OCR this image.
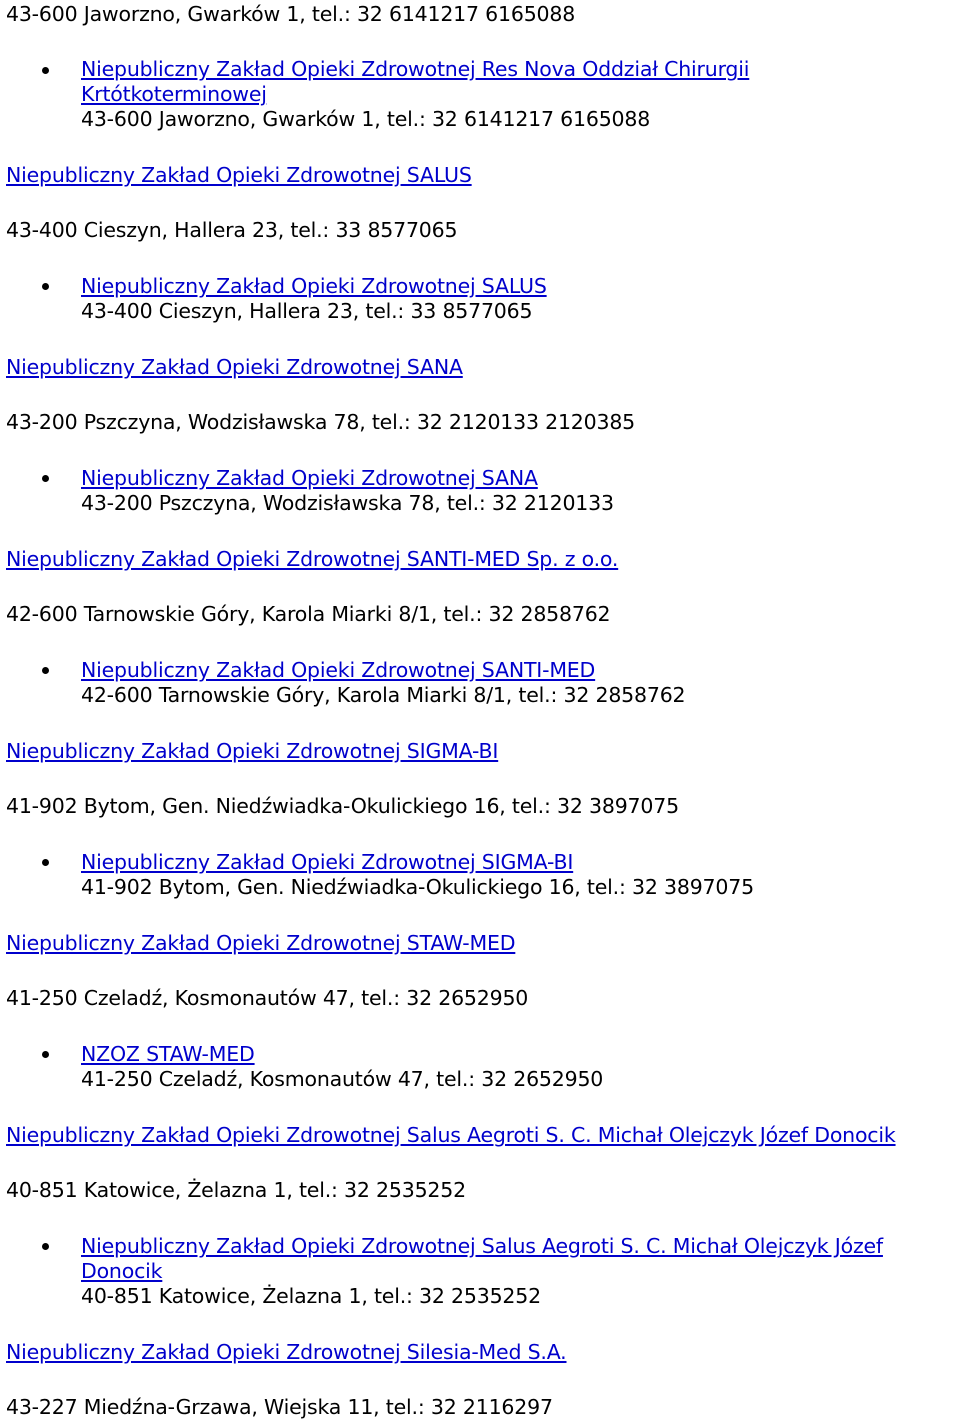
43-600 Jaworzno, Gwarków 1, tel.: 32 6141217 6165088
Niepubliczny Zakład Opieki Zdrowotnej Res Nova Oddział Chirurgii
Krtótkoterminowej
43-600 Jaworzno, Gwarków 1, tel.: 32 6141217 6165088
Niepubliczny Zakład Opieki Zdrowotnej SALUS
43-400 Cieszyn, Hallera 23, tel.: 33 8577065
Niepubliczny Zakład Opieki Zdrowotnej SALUS
43-400 Cieszyn, Hallera 23, tel.: 33 8577065
Niepubliczny Zakład Opieki Zdrowotnej SANA
43-200 Pszczyna, Wodzisławska 78, tel.: 32 2120133 2120385
Niepubliczny Zakład Opieki Zdrowotnej SANA
43-200 Pszczyna, Wodzisławska 78, tel.: 32 2120133
Niepubliczny Zakład Opieki Zdrowotnej SANTI-MED Sp. z o.o.
42-600 Tarnowskie Góry, Karola Miarki 8/1, tel.: 32 2858762
Niepubliczny Zakład Opieki Zdrowotnej SANTI-MED
42-600 Tarnowskie Góry, Karola Miarki 8/1, tel.: 32 2858762
Niepubliczny Zakład Opieki Zdrowotnej SIGMA-BI
41-902 Bytom, Gen. Niedźwiadka-Okulickiego 16, tel.: 32 3897075
Niepubliczny Zakład Opieki Zdrowotnej SIGMA-BI
41-902 Bytom, Gen. Niedźwiadka-Okulickiego 16, tel.: 32 3897075
Niepubliczny Zakład Opieki Zdrowotnej STAW-MED
41-250 Czeladź, Kosmonautów 47, tel.: 32 2652950
NZOZ STAW-MED
41-250 Czeladź, Kosmonautów 47, tel.: 32 2652950
Niepubliczny Zakład Opieki Zdrowotnej Salus Aegroti S. C. Michał Olejczyk Józef Donocik
40-851 Katowice, Żelazna 1, tel.: 32 2535252
Niepubliczny Zakład Opieki Zdrowotnej Salus Aegroti S. C. Michał Olejczyk Józef
Donocik
40-851 Katowice, Żelazna 1, tel.: 32 2535252
Niepubliczny Zakład Opieki Zdrowotnej Silesia-Med S.A.
43-227 Miedźna-Grzawa, Wiejska 11, tel.: 32 2116297
